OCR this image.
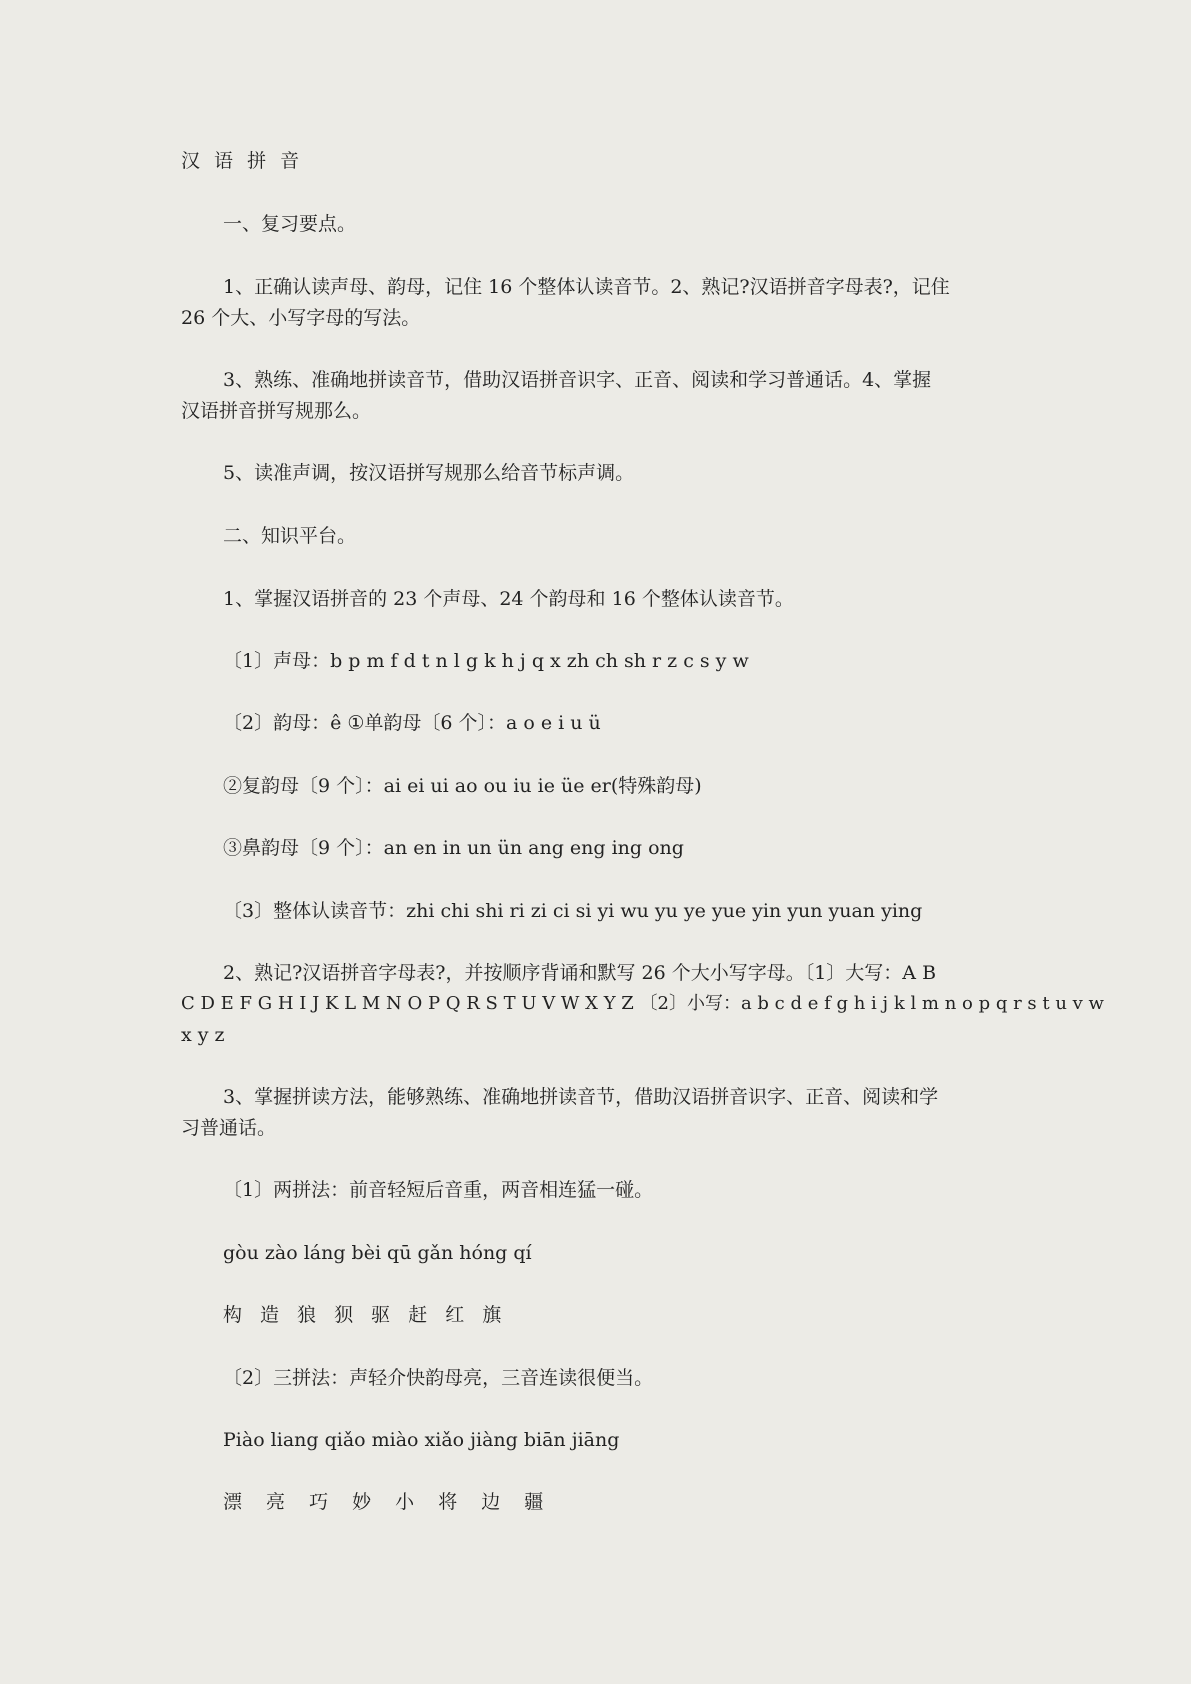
汉 语 拼 音
一、复习要点。
1、正确认读声母、韵母，记住 16 个整体认读音节。2、熟记?汉语拼音字母表?，记住
26 个大、小写字母的写法。
3、熟练、准确地拼读音节，借助汉语拼音识字、正音、阅读和学习普通话。4、掌握
汉语拼音拼写规那么。
5、读准声调，按汉语拼写规那么给音节标声调。
二、知识平台。
1、掌握汉语拼音的 23 个声母、24 个韵母和 16 个整体认读音节。
〔1〕声母：b p m f d t n l g k h j q x zh ch sh r z c s y w
〔2〕韵母：ê ①单韵母〔6 个〕：a o e i u ü
②复韵母〔9 个〕：ai ei ui ao ou iu ie üe er(特殊韵母)
③鼻韵母〔9 个〕：an en in un ün ang eng ing ong
〔3〕整体认读音节：zhi chi shi ri zi ci si yi wu yu ye yue yin yun yuan ying
2、熟记?汉语拼音字母表?，并按顺序背诵和默写 26 个大小写字母。〔1〕大写：A B
C D E F G H I J K L M N O P Q R S T U V W X Y Z 〔2〕小写：a b c d e f g h i j k l m n o p q r s t u v w
x y z
3、掌握拼读方法，能够熟练、准确地拼读音节，借助汉语拼音识字、正音、阅读和学
习普通话。
〔1〕两拼法：前音轻短后音重，两音相连猛一碰。
gòu zào láng bèi qū gǎn hóng qí
构 造 狼 狈 驱 赶 红 旗
〔2〕三拼法：声轻介快韵母亮，三音连读很便当。
Piào liang qiǎo miào xiǎo jiàng biān jiāng
漂 亮 巧 妙 小 将 边 疆
